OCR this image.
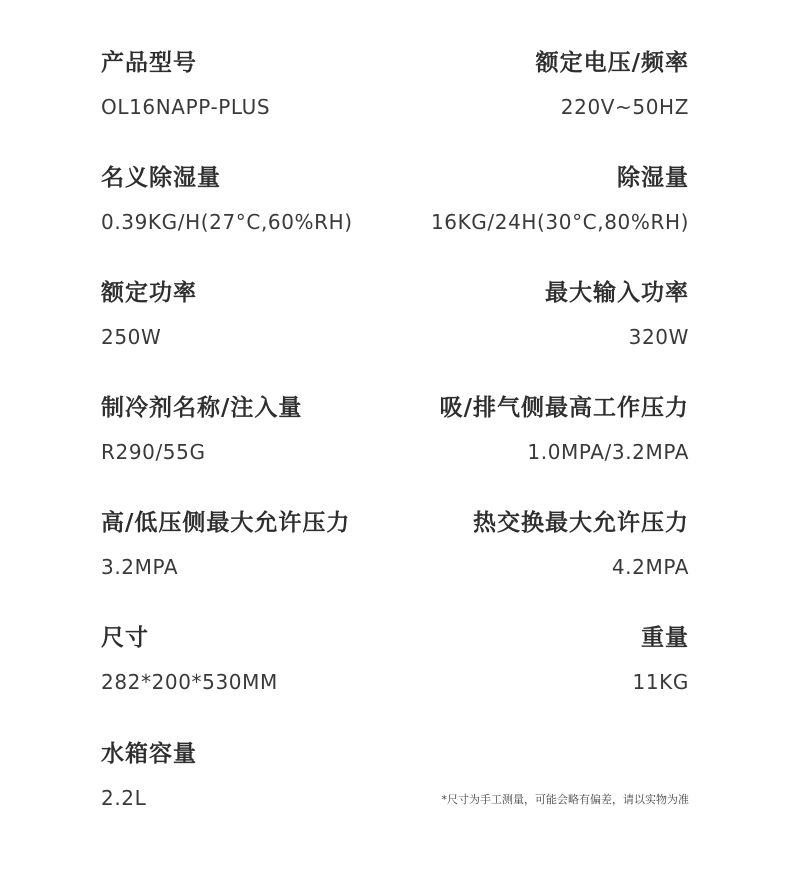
产品型号
OL16NAPP-PLUS
额定电压/频率
220V~50HZ
名义除湿量
0.39KG/H(27°C,60%RH)
除湿量
16KG/24H(30°C,80%RH)
额定功率
250W
最大输入功率
320W
制冷剂名称/注入量
R290/55G
吸/排气侧最高工作压力
1.0MPA/3.2MPA
高/低压侧最大允许压力
3.2MPA
热交换最大允许压力
4.2MPA
尺寸
282*200*530MM
重量
11KG
水箱容量
2.2L	*尺寸为手工测量，可能会略有偏差，请以实物为准
